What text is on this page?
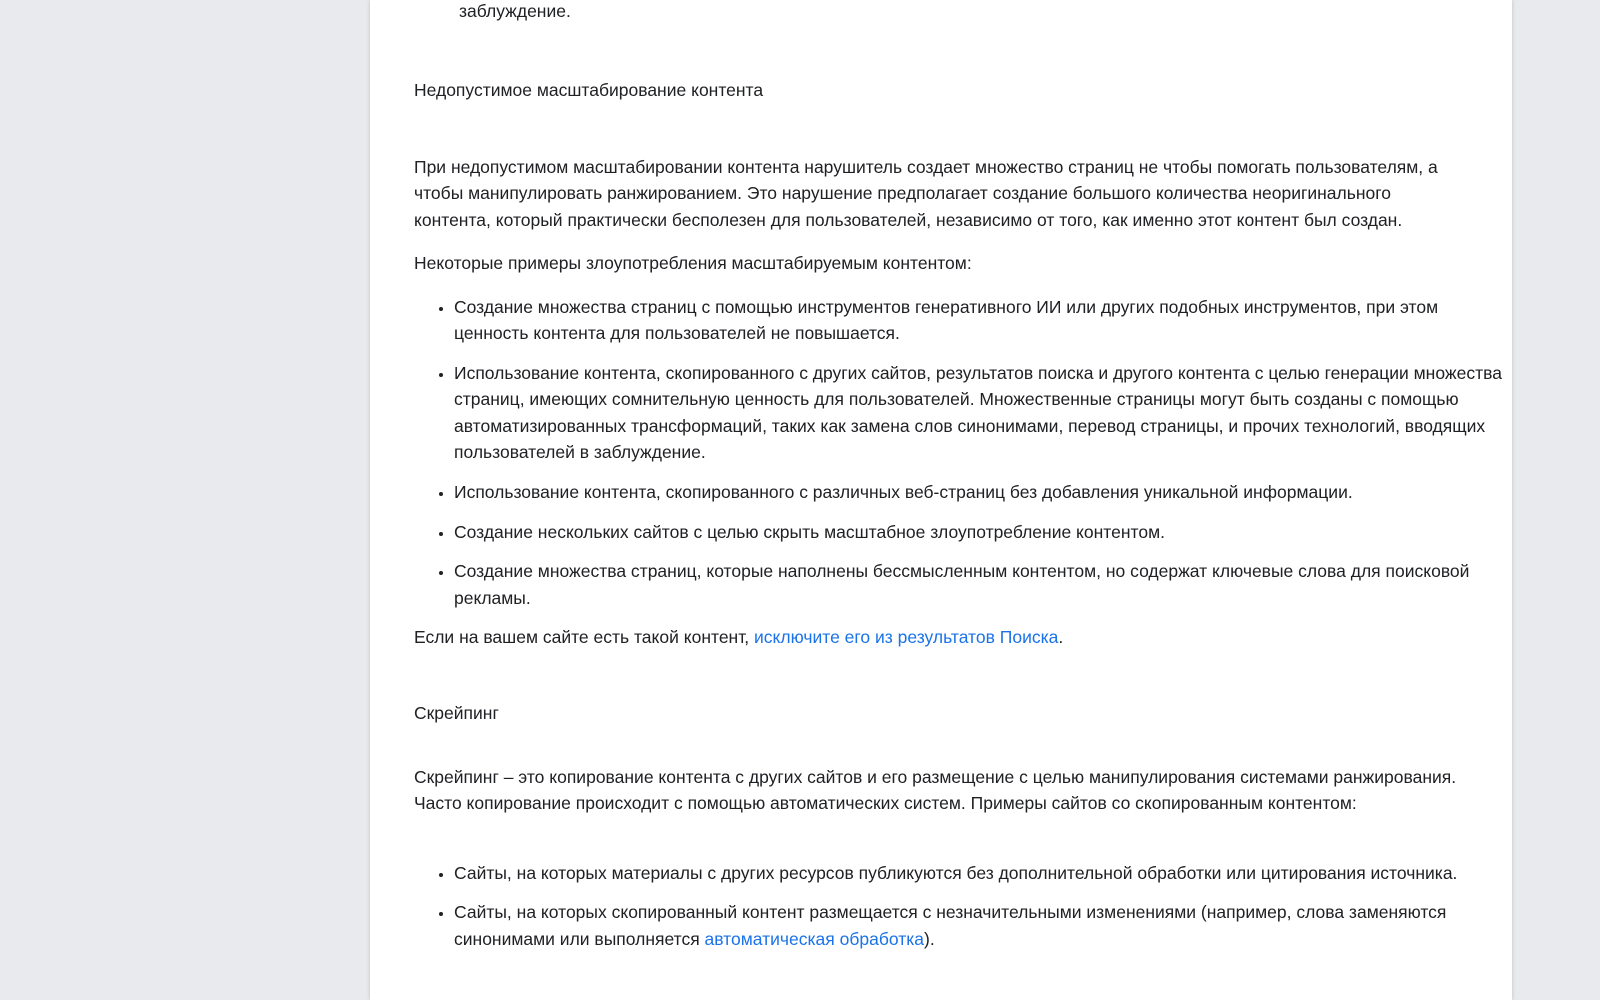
заблуждение.
Недопустимое масштабирование контента

При недопустимом масштабировании контента нарушитель создает множество страниц не чтобы помогать пользователям, а чтобы манипулировать ранжированием. Это нарушение предполагает создание большого количества неоригинального контента, который практически бесполезен для пользователей, независимо от того, как именно этот контент был создан.

Некоторые примеры злоупотребления масштабируемым контентом:

• Создание множества страниц с помощью инструментов генеративного ИИ или других подобных инструментов, при этом ценность контента для пользователей не повышается.
• Использование контента, скопированного с других сайтов, результатов поиска и другого контента с целью генерации множества страниц, имеющих сомнительную ценность для пользователей. Множественные страницы могут быть созданы с помощью автоматизированных трансформаций, таких как замена слов синонимами, перевод страницы, и прочих технологий, вводящих пользователей в заблуждение.
• Использование контента, скопированного с различных веб-страниц без добавления уникальной информации.
• Создание нескольких сайтов с целью скрыть масштабное злоупотребление контентом.
• Создание множества страниц, которые наполнены бессмысленным контентом, но содержат ключевые слова для поисковой рекламы.

Если на вашем сайте есть такой контент, исключите его из результатов Поиска.

Скрейпинг

Скрейпинг – это копирование контента с других сайтов и его размещение с целью манипулирования системами ранжирования. Часто копирование происходит с помощью автоматических систем. Примеры сайтов со скопированным контентом:

• Сайты, на которых материалы с других ресурсов публикуются без дополнительной обработки или цитирования источника.
• Сайты, на которых скопированный контент размещается с незначительными изменениями (например, слова заменяются синонимами или выполняется автоматическая обработка).
